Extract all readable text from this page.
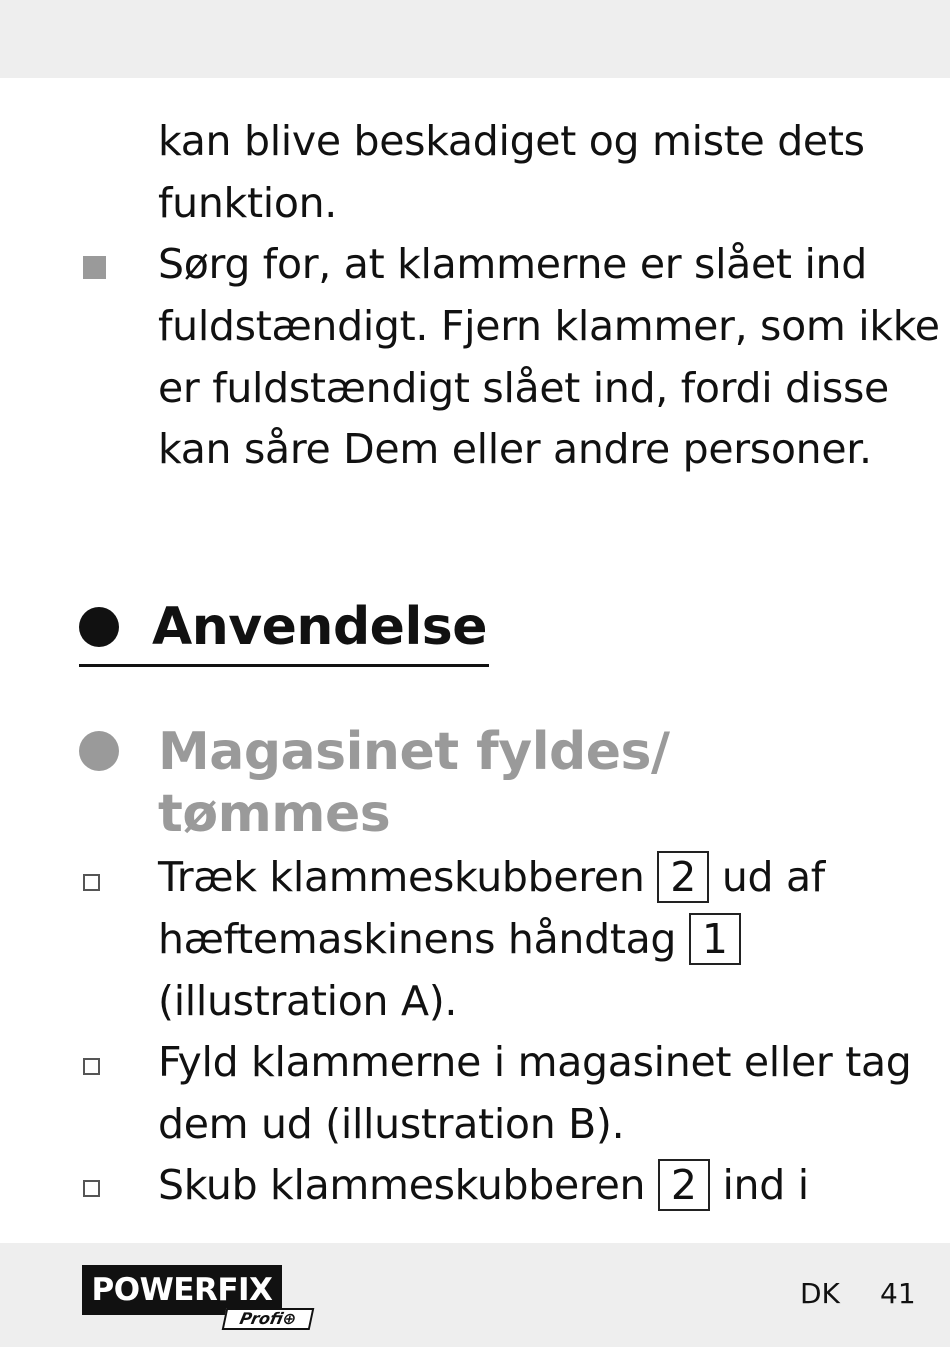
kan blive beskadiget og miste dets
funktion.
Sørg for, at klammerne er slået ind
fuldstændigt. Fjern klammer, som ikke
er fuldstændigt slået ind, fordi disse
kan såre Dem eller andre personer.
Anvendelse
Magasinet fyldes/
tømmes
Træk klammeskubberen 2 ud af
hæftemaskinens håndtag 1
(illustration A).
Fyld klammerne i magasinet eller tag
dem ud (illustration B).
Skub klammeskubberen 2 ind i
POWERFIX
Profi⊕
DK 41
